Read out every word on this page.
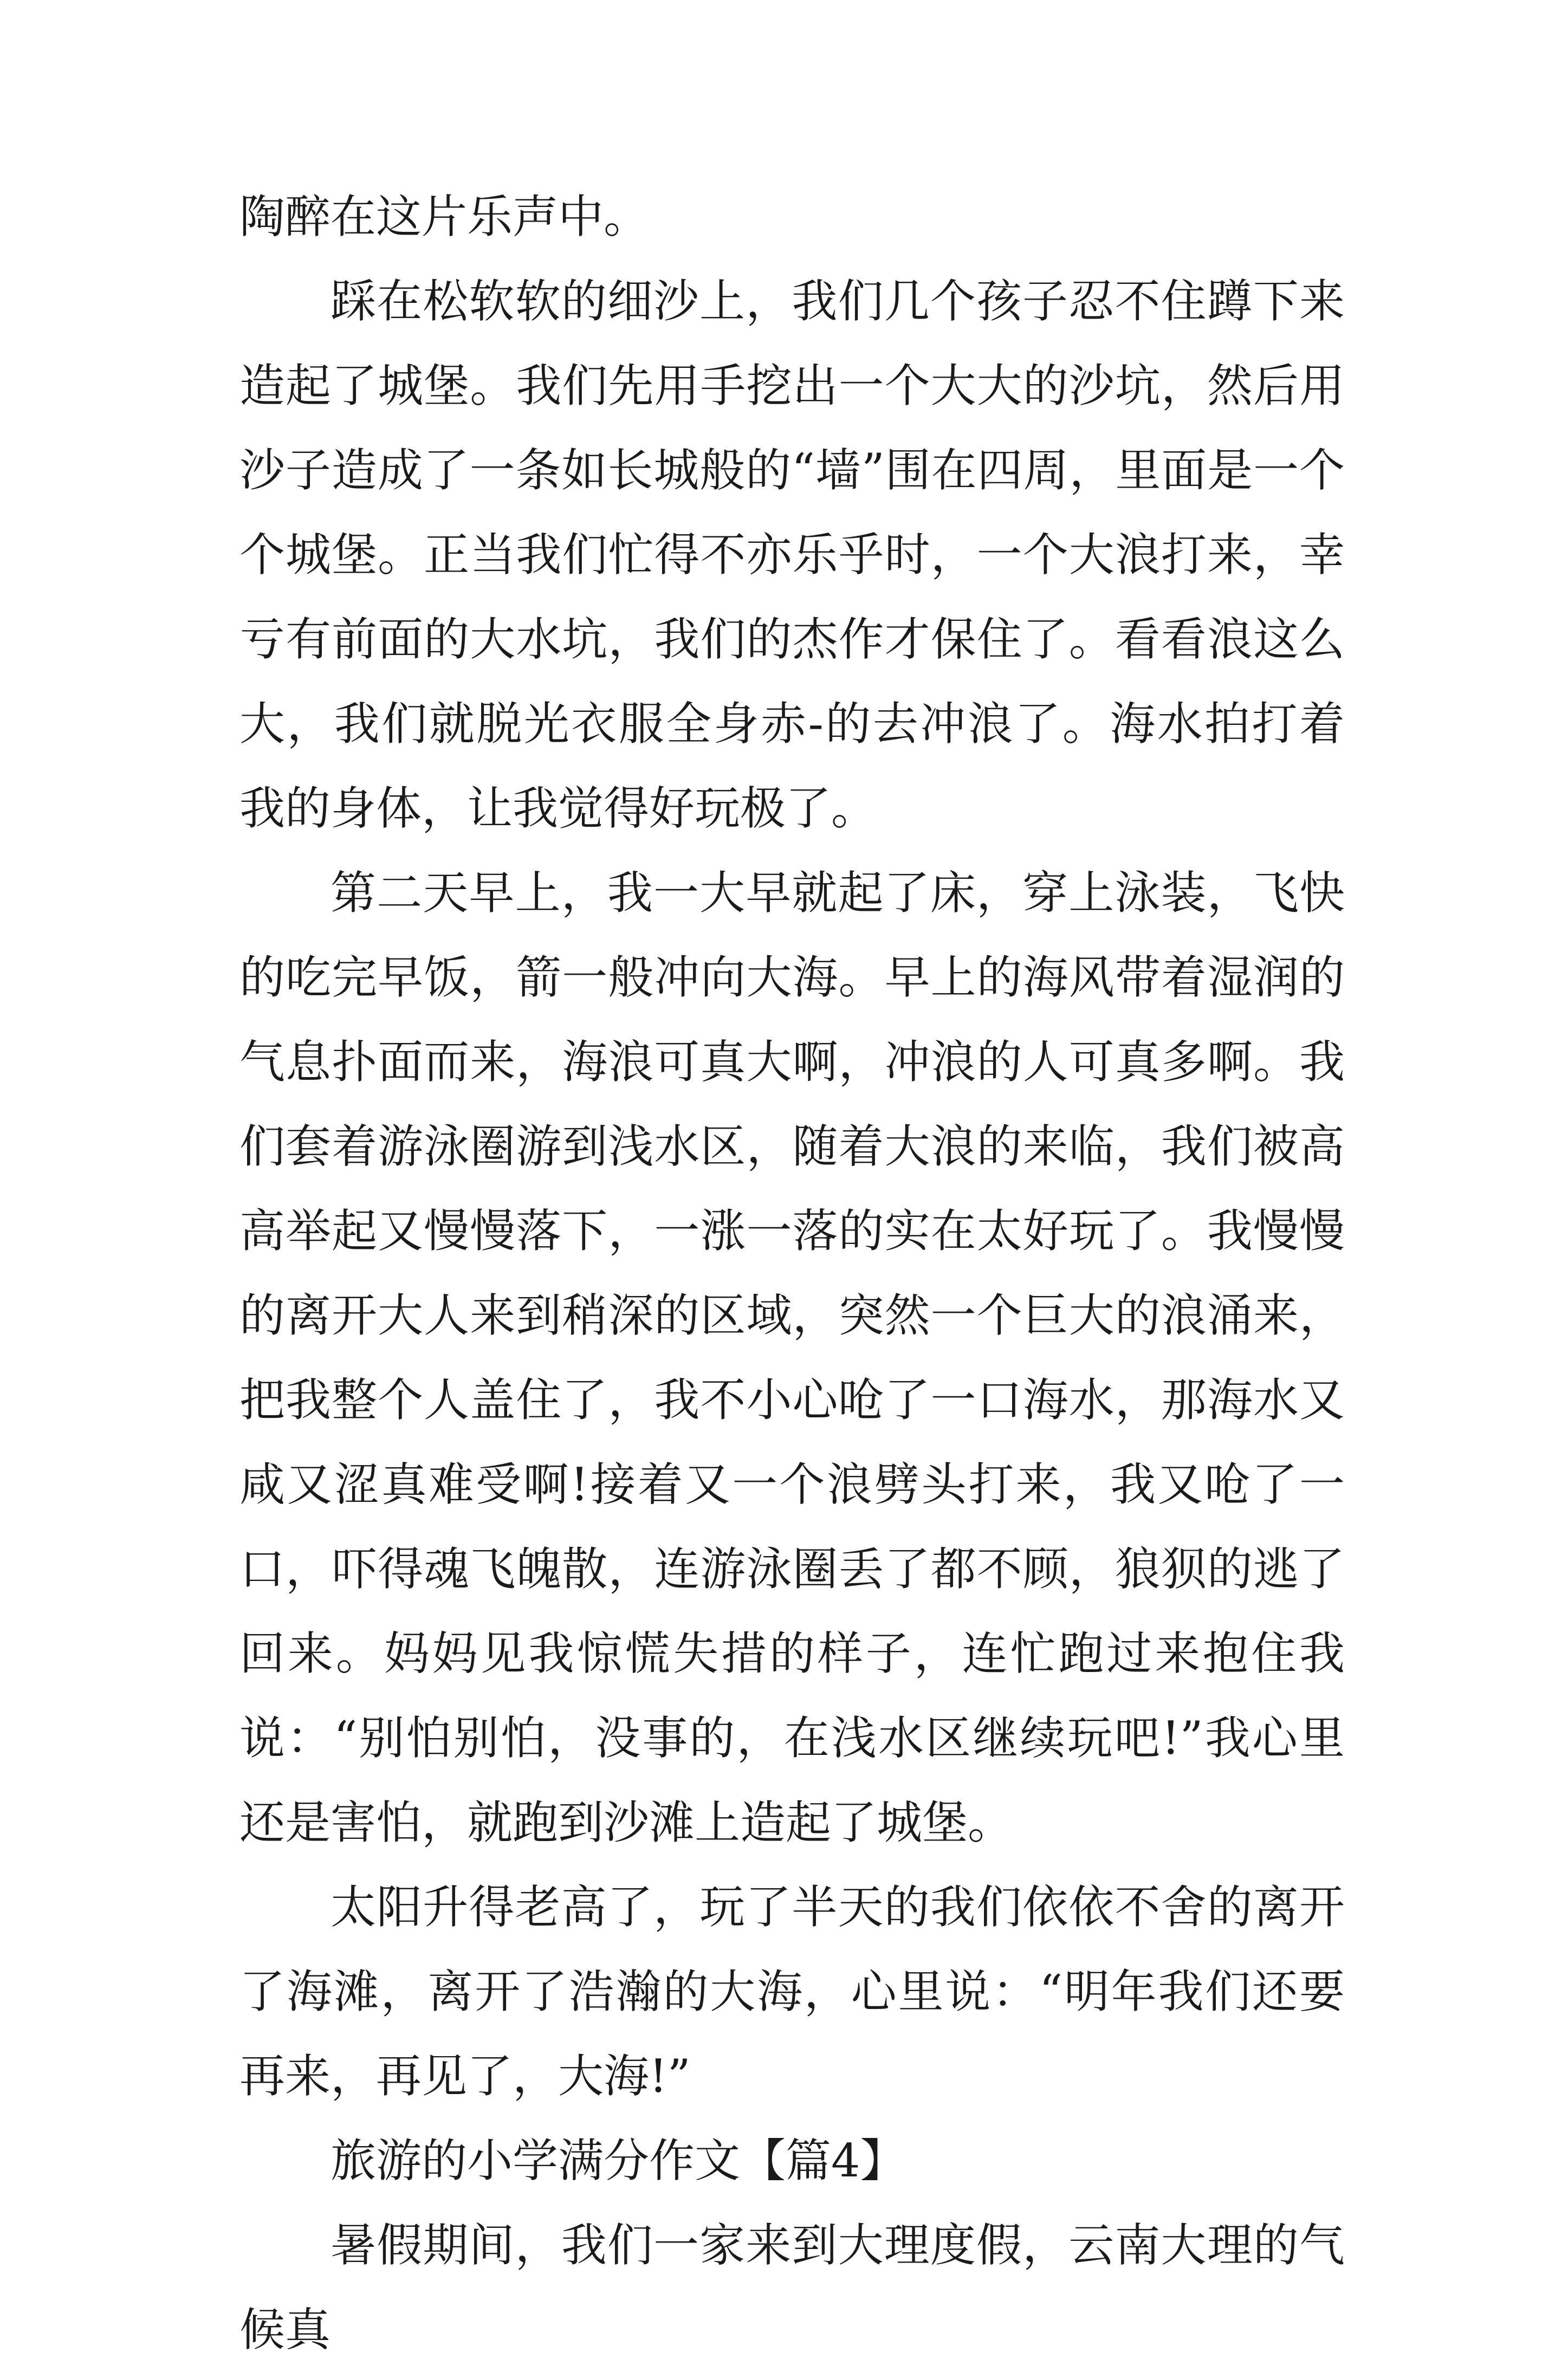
陶醉在这片乐声中。

踩在松软软的细沙上，我们几个孩子忍不住蹲下来造起了城堡。我们先用手挖出一个大大的沙坑，然后用沙子造成了一条如长城般的“墙”围在四周，里面是一个个城堡。正当我们忙得不亦乐乎时，一个大浪打来，幸亏有前面的大水坑，我们的杰作才保住了。看看浪这么大，我们就脱光衣服全身赤-的去冲浪了。海水拍打着我的身体，让我觉得好玩极了。

第二天早上，我一大早就起了床，穿上泳装，飞快的吃完早饭，箭一般冲向大海。早上的海风带着湿润的气息扑面而来，海浪可真大啊，冲浪的人可真多啊。我们套着游泳圈游到浅水区，随着大浪的来临，我们被高高举起又慢慢落下，一涨一落的实在太好玩了。我慢慢的离开大人来到稍深的区域，突然一个巨大的浪涌来，把我整个人盖住了，我不小心呛了一口海水，那海水又咸又涩真难受啊!接着又一个浪劈头打来，我又呛了一口，吓得魂飞魄散，连游泳圈丢了都不顾，狼狈的逃了回来。妈妈见我惊慌失措的样子，连忙跑过来抱住我说：“别怕别怕，没事的，在浅水区继续玩吧!”我心里还是害怕，就跑到沙滩上造起了城堡。

太阳升得老高了，玩了半天的我们依依不舍的离开了海滩，离开了浩瀚的大海，心里说：“明年我们还要再来，再见了，大海!”

旅游的小学满分作文【篇4】

暑假期间，我们一家来到大理度假，云南大理的气候真
